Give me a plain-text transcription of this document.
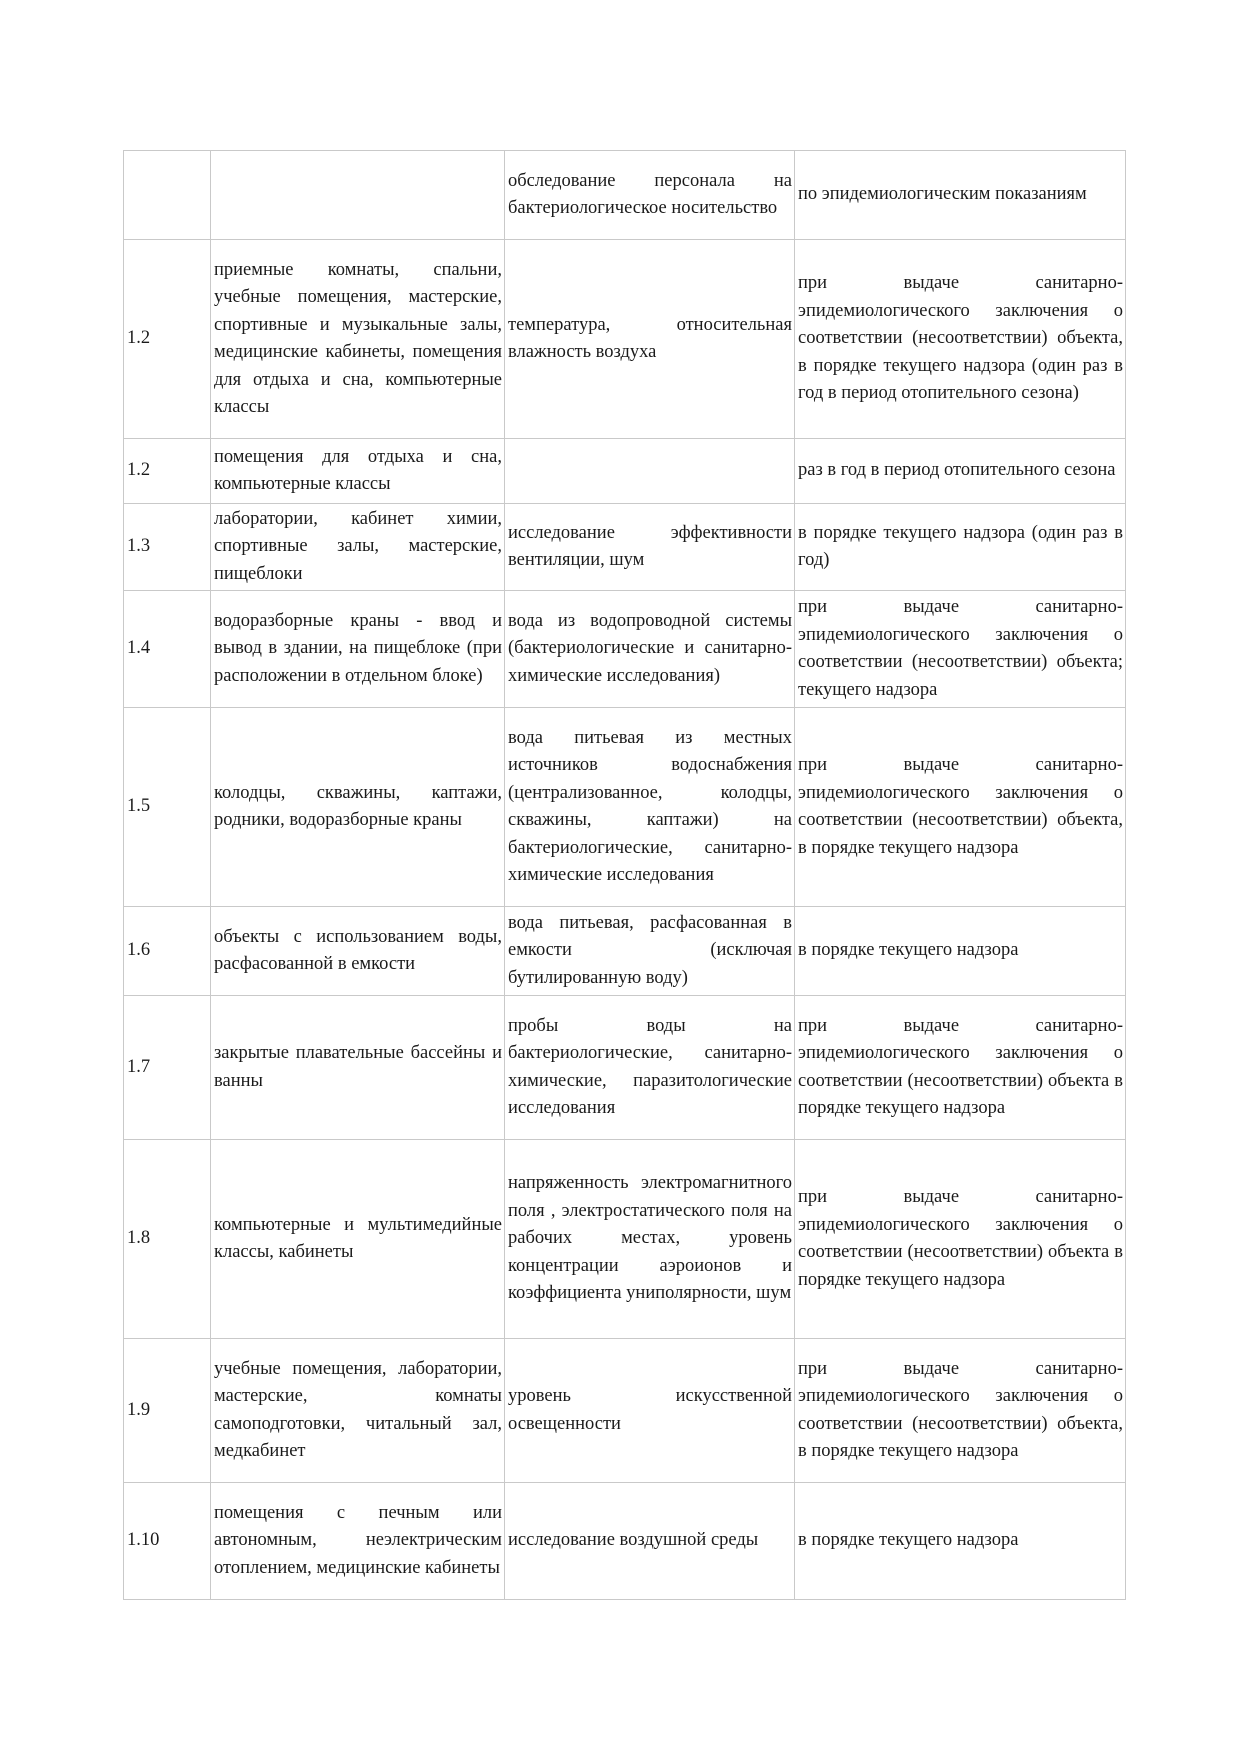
		обследование персонала на бактериологическое носительство	по эпидемиологическим показаниям
1.2	приемные комнаты, спальни, учебные помещения, мастерские, спортивные и музыкальные залы, медицинские кабинеты, помещения для отдыха и сна, компьютерные классы	температура, относительная влажность воздуха	при выдаче санитарно-эпидемиологического заключения о соответствии (несоответствии) объекта, в порядке текущего надзора (один раз в год в период отопительного сезона)
1.2	помещения для отдыха и сна, компьютерные классы		раз в год в период отопительного сезона
1.3	лаборатории, кабинет химии, спортивные залы, мастерские, пищеблоки	исследование эффективности вентиляции, шум	в порядке текущего надзора (один раз в год)
1.4	водоразборные краны - ввод и вывод в здании, на пищеблоке (при расположении в отдельном блоке)	вода из водопроводной системы (бактериологические и санитарно-химические исследования)	при выдаче санитарно-эпидемиологического заключения о соответствии (несоответствии) объекта; текущего надзора
1.5	колодцы, скважины, каптажи, родники, водоразборные краны	вода питьевая из местных источников водоснабжения (централизованное, колодцы, скважины, каптажи) на бактериологические, санитарно-химические исследования	при выдаче санитарно-эпидемиологического заключения о соответствии (несоответствии) объекта, в порядке текущего надзора
1.6	объекты с использованием воды, расфасованной в емкости	вода питьевая, расфасованная в емкости (исключая бутилированную воду)	в порядке текущего надзора
1.7	закрытые плавательные бассейны и ванны	пробы воды на бактериологические, санитарно-химические, паразитологические исследования	при выдаче санитарно-эпидемиологического заключения о соответствии (несоответствии) объекта в порядке текущего надзора
1.8	компьютерные и мультимедийные классы, кабинеты	напряженность электромагнитного поля , электростатического поля на рабочих местах, уровень концентрации аэроионов и коэффициента униполярности, шум	при выдаче санитарно-эпидемиологического заключения о соответствии (несоответствии) объекта в порядке текущего надзора
1.9	учебные помещения, лаборатории, мастерские, комнаты самоподготовки, читальный зал, медкабинет	уровень искусственной освещенности	при выдаче санитарно-эпидемиологического заключения о соответствии (несоответствии) объекта, в порядке текущего надзора
1.10	помещения с печным или автономным, неэлектрическим отоплением, медицинские кабинеты	исследование воздушной среды	в порядке текущего надзора
